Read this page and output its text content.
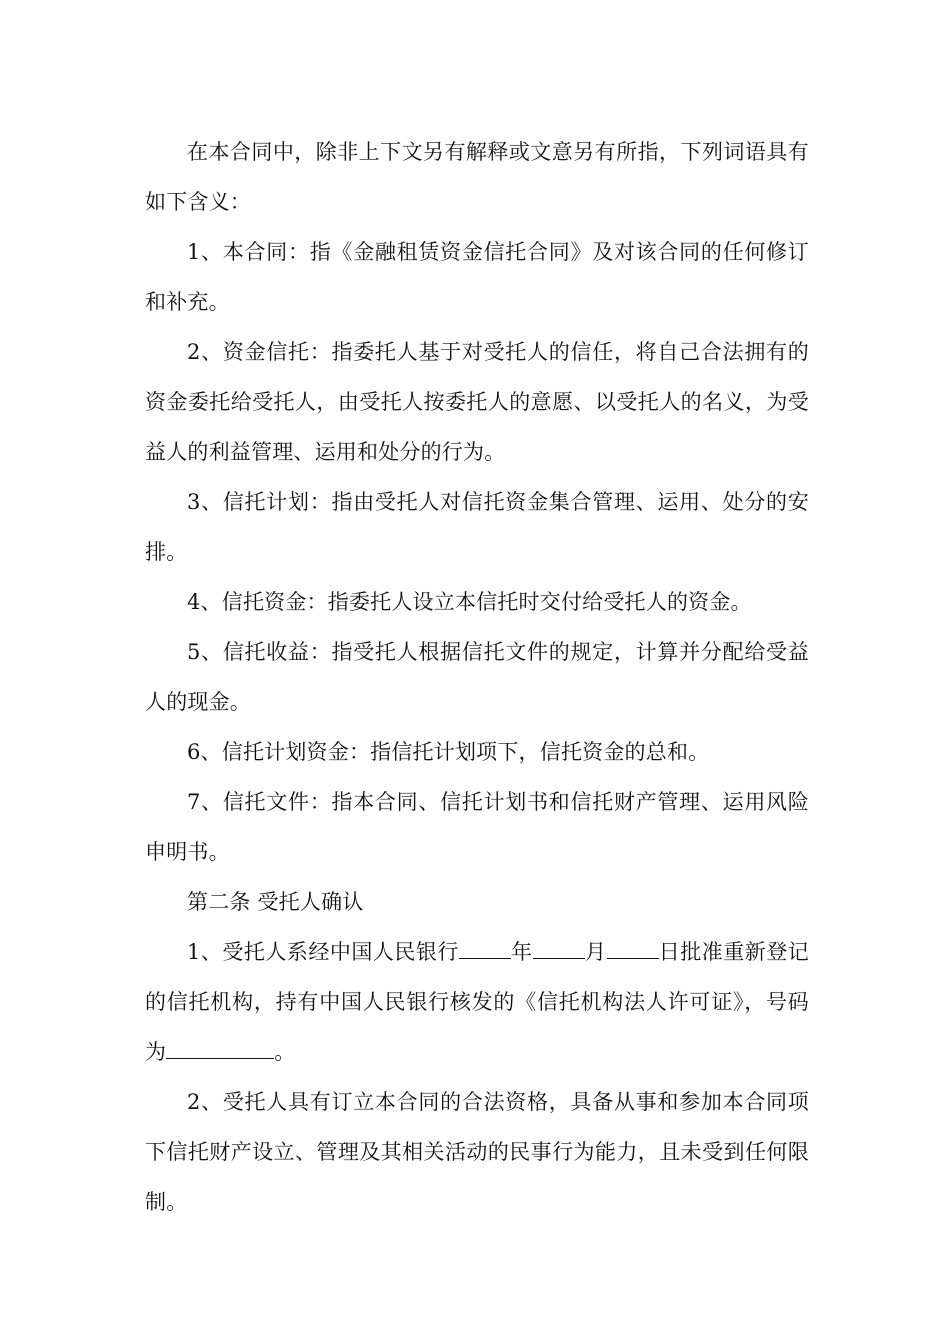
在本合同中，除非上下文另有解释或文意另有所指，下列词语具有如下含义：

1、本合同：指《金融租赁资金信托合同》及对该合同的任何修订和补充。

2、资金信托：指委托人基于对受托人的信任，将自己合法拥有的资金委托给受托人，由受托人按委托人的意愿、以受托人的名义，为受益人的利益管理、运用和处分的行为。

3、信托计划：指由受托人对信托资金集合管理、运用、处分的安排。

4、信托资金：指委托人设立本信托时交付给受托人的资金。

5、信托收益：指受托人根据信托文件的规定，计算并分配给受益人的现金。

6、信托计划资金：指信托计划项下，信托资金的总和。

7、信托文件：指本合同、信托计划书和信托财产管理、运用风险申明书。

第二条 受托人确认

1、受托人系经中国人民银行 年 月 日批准重新登记的信托机构，持有中国人民银行核发的《信托机构法人许可证》，号码为	。

2、受托人具有订立本合同的合法资格，具备从事和参加本合同项下信托财产设立、管理及其相关活动的民事行为能力，且未受到任何限制。
